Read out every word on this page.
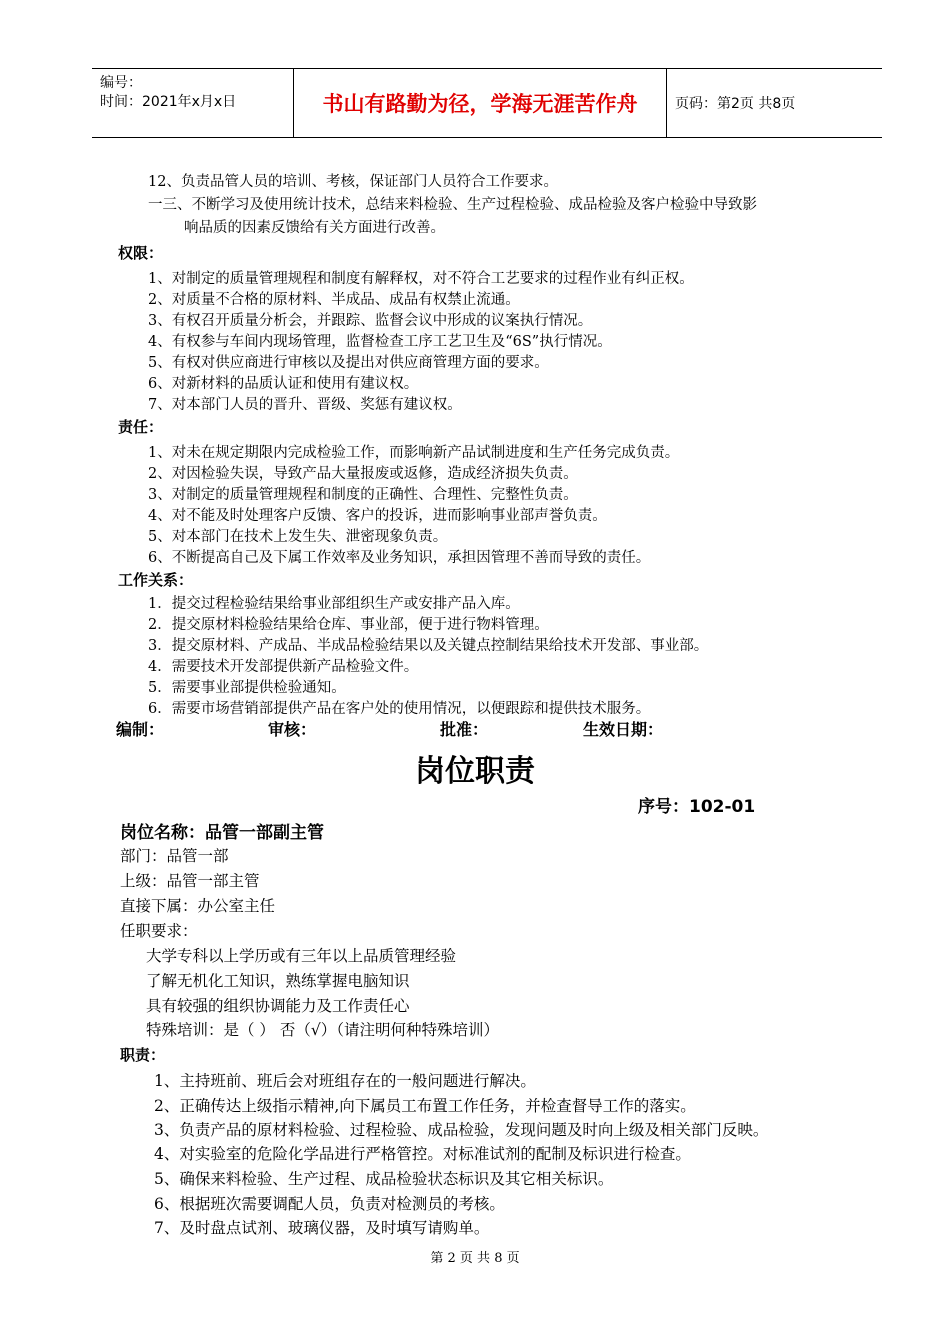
编号：
时间：2021年x月x日	书山有路勤为径，学海无涯苦作舟	页码：第2页 共8页
12、负责品管人员的培训、考核，保证部门人员符合工作要求。
一三、不断学习及使用统计技术，总结来料检验、生产过程检验、成品检验及客户检验中导致影
响品质的因素反馈给有关方面进行改善。
权限：
1、对制定的质量管理规程和制度有解释权，对不符合工艺要求的过程作业有纠正权。
2、对质量不合格的原材料、半成品、成品有权禁止流通。
3、有权召开质量分析会，并跟踪、监督会议中形成的议案执行情况。
4、有权参与车间内现场管理，监督检查工序工艺卫生及“6S”执行情况。
5、有权对供应商进行审核以及提出对供应商管理方面的要求。
6、对新材料的品质认证和使用有建议权。
7、对本部门人员的晋升、晋级、奖惩有建议权。
责任：
1、对未在规定期限内完成检验工作，而影响新产品试制进度和生产任务完成负责。
2、对因检验失误，导致产品大量报废或返修，造成经济损失负责。
3、对制定的质量管理规程和制度的正确性、合理性、完整性负责。
4、对不能及时处理客户反馈、客户的投诉，进而影响事业部声誉负责。
5、对本部门在技术上发生失、泄密现象负责。
6、不断提高自己及下属工作效率及业务知识，承担因管理不善而导致的责任。
工作关系：
1．提交过程检验结果给事业部组织生产或安排产品入库。
2．提交原材料检验结果给仓库、事业部，便于进行物料管理。
3．提交原材料、产成品、半成品检验结果以及关键点控制结果给技术开发部、事业部。
4．需要技术开发部提供新产品检验文件。
5．需要事业部提供检验通知。
6．需要市场营销部提供产品在客户处的使用情况，以便跟踪和提供技术服务。
编制：	审核：	批准：	生效日期：
岗位职责
序号：102-01
岗位名称：品管一部副主管
部门：品管一部
上级：品管一部主管
直接下属：办公室主任
任职要求：
大学专科以上学历或有三年以上品质管理经验
了解无机化工知识，熟练掌握电脑知识
具有较强的组织协调能力及工作责任心
特殊培训：是（ ） 否（√）（请注明何种特殊培训）
职责：
1、主持班前、班后会对班组存在的一般问题进行解决。
2、正确传达上级指示精神,向下属员工布置工作任务，并检查督导工作的落实。
3、负责产品的原材料检验、过程检验、成品检验，发现问题及时向上级及相关部门反映。
4、对实验室的危险化学品进行严格管控。对标准试剂的配制及标识进行检查。
5、确保来料检验、生产过程、成品检验状态标识及其它相关标识。
6、根据班次需要调配人员，负责对检测员的考核。
7、及时盘点试剂、玻璃仪器，及时填写请购单。
第 2 页 共 8 页
